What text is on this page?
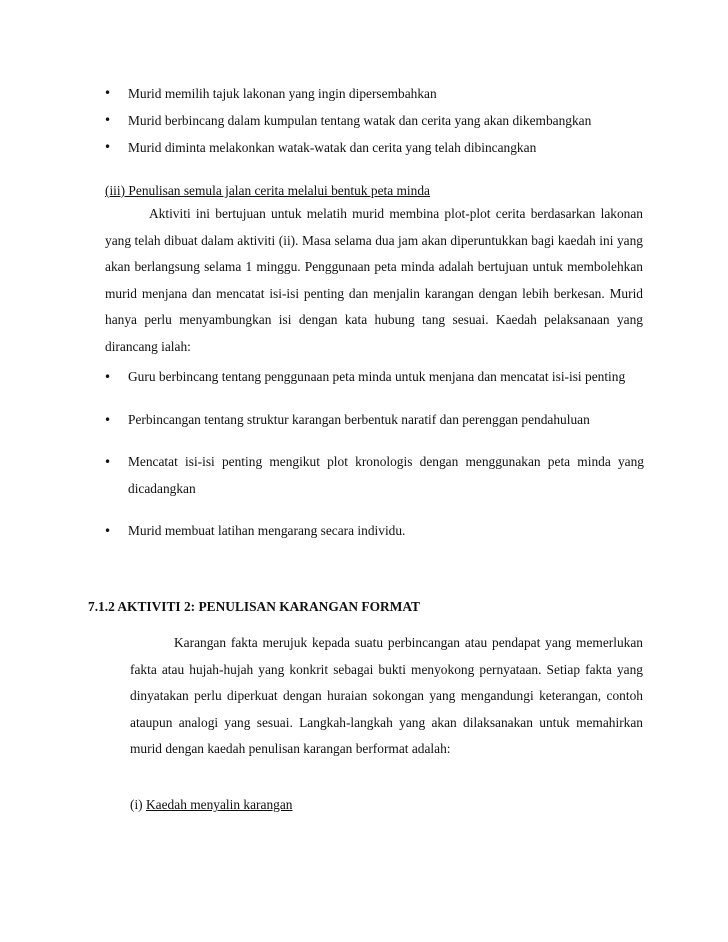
• Murid memilih tajuk lakonan yang ingin dipersembahkan
• Murid berbincang dalam kumpulan tentang watak dan cerita yang akan dikembangkan
• Murid diminta melakonkan watak-watak dan cerita yang telah dibincangkan

(iii) Penulisan semula jalan cerita melalui bentuk peta minda

Aktiviti ini bertujuan untuk melatih murid membina plot-plot cerita berdasarkan lakonan yang telah dibuat dalam aktiviti (ii). Masa selama dua jam akan diperuntukkan bagi kaedah ini yang akan berlangsung selama 1 minggu. Penggunaan peta minda adalah bertujuan untuk membolehkan murid menjana dan mencatat isi-isi penting dan menjalin karangan dengan lebih berkesan. Murid hanya perlu menyambungkan isi dengan kata hubung tang sesuai. Kaedah pelaksanaan yang dirancang ialah:

• Guru berbincang tentang penggunaan peta minda untuk menjana dan mencatat isi-isi penting
• Perbincangan tentang struktur karangan berbentuk naratif dan perenggan pendahuluan
• Mencatat isi-isi penting mengikut plot kronologis dengan menggunakan peta minda yang dicadangkan
• Murid membuat latihan mengarang secara individu.

7.1.2 AKTIVITI 2: PENULISAN KARANGAN FORMAT

Karangan fakta merujuk kepada suatu perbincangan atau pendapat yang memerlukan fakta atau hujah-hujah yang konkrit sebagai bukti menyokong pernyataan. Setiap fakta yang dinyatakan perlu diperkuat dengan huraian sokongan yang mengandungi keterangan, contoh ataupun analogi yang sesuai. Langkah-langkah yang akan dilaksanakan untuk memahirkan murid dengan kaedah penulisan karangan berformat adalah:

(i) Kaedah menyalin karangan
